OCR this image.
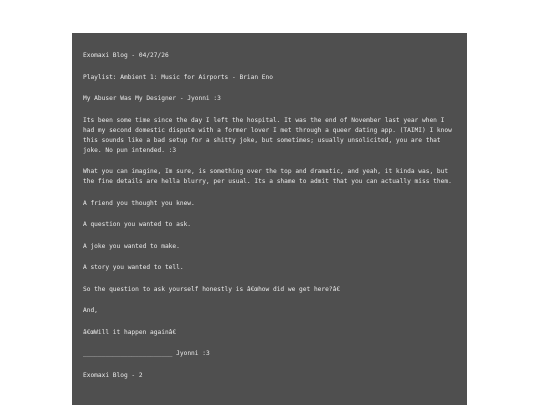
Exomaxi Blog - 04/27/26

Playlist: Ambient 1: Music for Airports - Brian Eno

My Abuser Was My Designer - Jyonni :3

Its been some time since the day I left the hospital. It was the end of November last year when I had my second domestic dispute with a former lover I met through a queer dating app. (TAIMI) I know this sounds like a bad setup for a shitty joke, but sometimes; usually unsolicited, you are that joke. No pun intended. :3

What you can imagine, Im sure, is something over the top and dramatic, and yeah, it kinda was, but the fine details are hella blurry, per usual. Its a shame to admit that you can actually miss them.

A friend you thought you knew.

A question you wanted to ask.

A joke you wanted to make.

A story you wanted to tell.

So the question to ask yourself honestly is â€œhow did we get here?â€

And,

â€œWill it happen againâ€

________________________ Jyonni :3

Exomaxi Blog - 2
